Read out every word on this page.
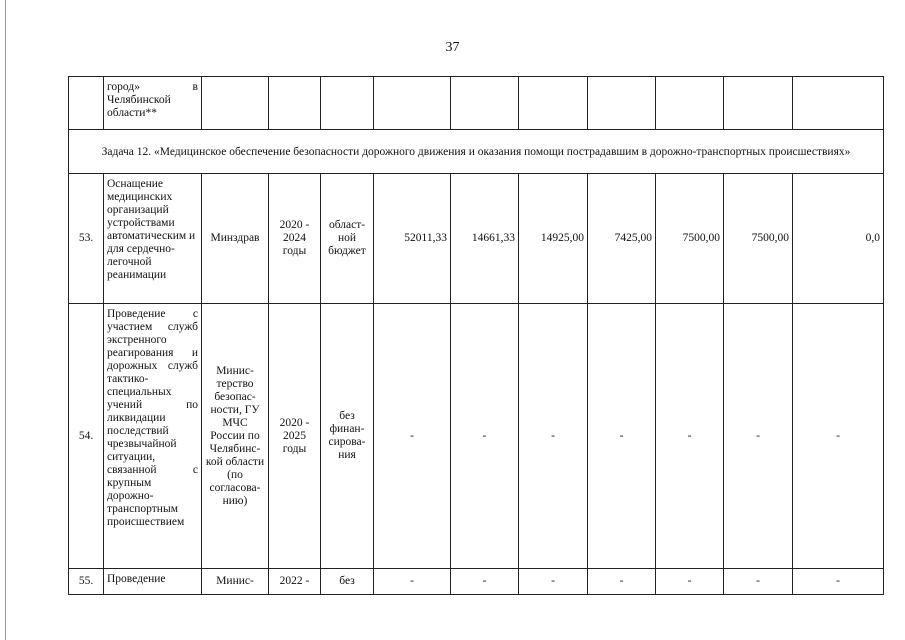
37
	город» в Челябинской области**										
Задача 12. «Медицинское обеспечение безопасности дорожного движения и оказания помощи пострадавшим в дорожно-транспортных происшествиях»											
53.	Оснащение медицинских организаций устройствами автоматическим и для сердечно-легочной реанимации	Минздрав	2020 - 2024 годы	област-ной бюджет	52011,33	14661,33	14925,00	7425,00	7500,00	7500,00	0,0
54.	Проведение с участием служб экстренного реагирования и дорожных служб тактико-специальных учений по ликвидации последствий чрезвычайной ситуации, связанной с крупным дорожно-транспортным происшествием	Минис-терство безопас-ности, ГУ МЧС России по Челябинс-кой области (по согласова-нию)	2020 - 2025 годы	без финан-сирова-ния	-	-	-	-	-	-	-
55.	Проведение	Минис-	2022 -	без	-	-	-	-	-	-	-
